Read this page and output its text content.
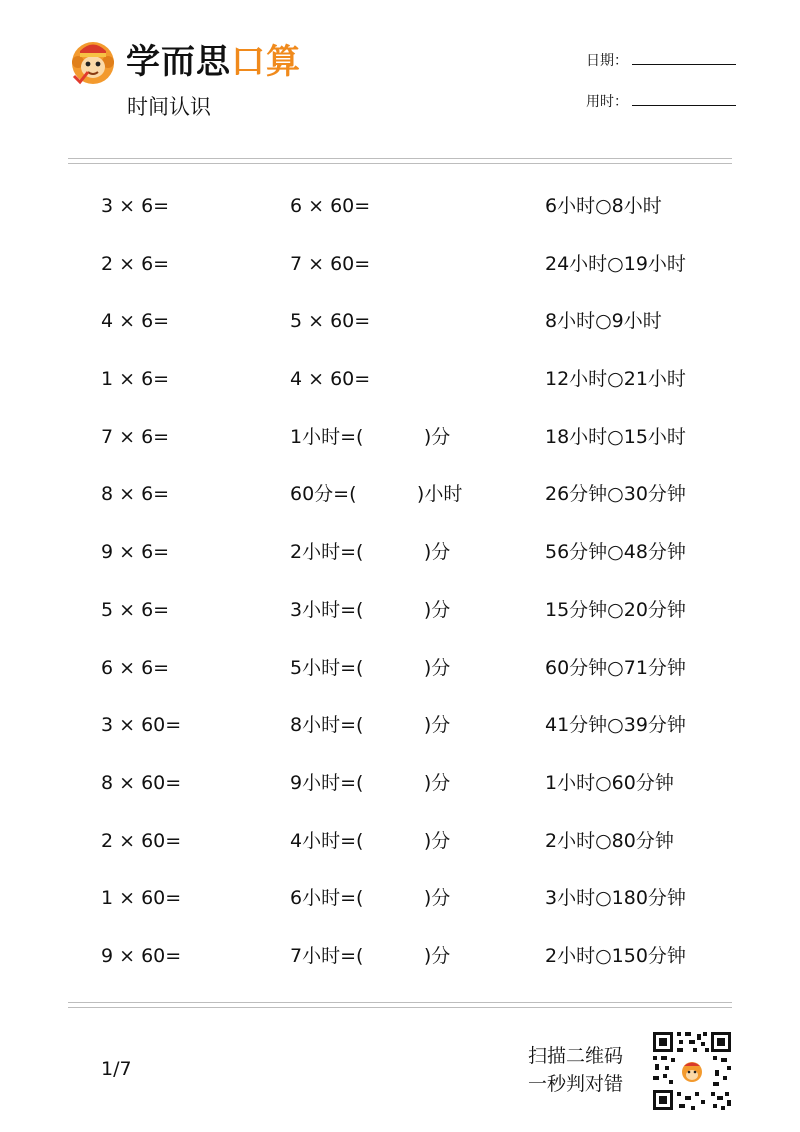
学而思口算
时间认识
日期：
用时：
3 × 6=	6 × 60=	6小时○8小时
2 × 6=	7 × 60=	24小时○19小时
4 × 6=	5 × 60=	8小时○9小时
1 × 6=	4 × 60=	12小时○21小时
7 × 6=	1小时=(          )分	18小时○15小时
8 × 6=	60分=(          )小时	26分钟○30分钟
9 × 6=	2小时=(          )分	56分钟○48分钟
5 × 6=	3小时=(          )分	15分钟○20分钟
6 × 6=	5小时=(          )分	60分钟○71分钟
3 × 60=	8小时=(          )分	41分钟○39分钟
8 × 60=	9小时=(          )分	1小时○60分钟
2 × 60=	4小时=(          )分	2小时○80分钟
1 × 60=	6小时=(          )分	3小时○180分钟
9 × 60=	7小时=(          )分	2小时○150分钟
1/7
扫描二维码
一秒判对错
